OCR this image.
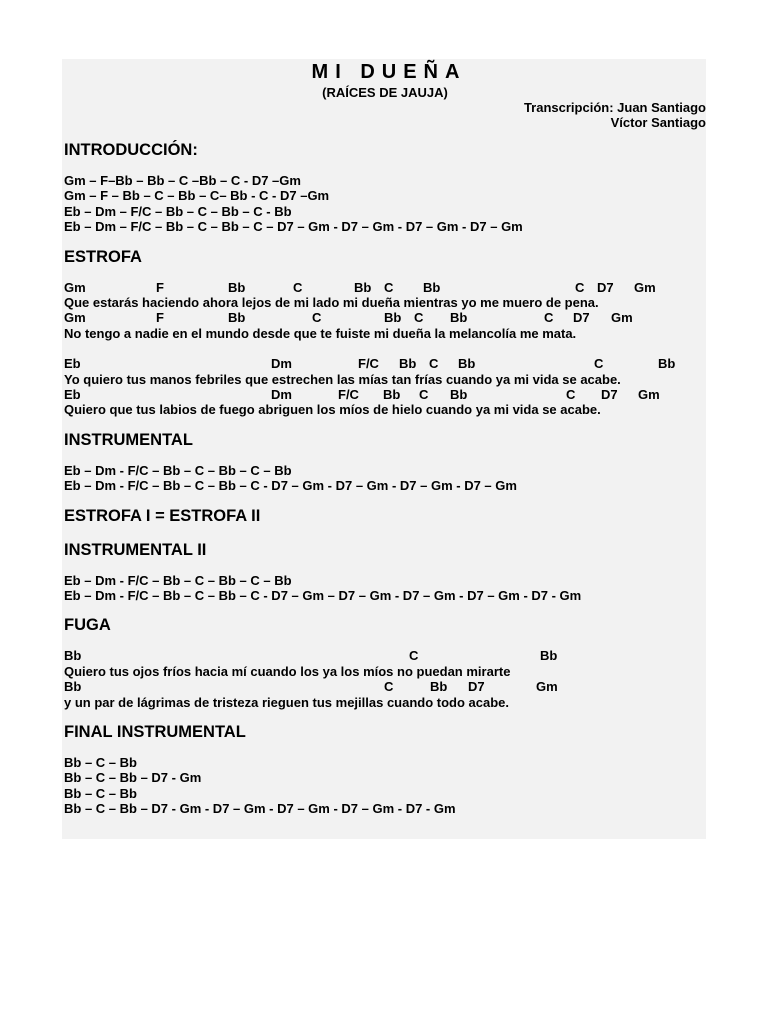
MI DUEÑA

(RAÍCES DE JAUJA)

Transcripción: Juan Santiago

Víctor Santiago

INTRODUCCIÓN:

Gm – F–Bb – Bb – C –Bb – C - D7 –Gm

Gm – F – Bb – C – Bb – C– Bb - C - D7 –Gm

Eb – Dm – F/C – Bb – C – Bb – C - Bb

Eb – Dm – F/C – Bb – C – Bb – C – D7 – Gm - D7 – Gm - D7 – Gm - D7 – Gm

ESTROFA
Gm	F	Bb	C	Bb C Bb	C D7 Gm

Que estarás haciendo ahora lejos de mi lado mi dueña mientras yo me muero de pena.

Gm	F	Bb	C	Bb C Bb	C D7 Gm

No tengo a nadie en el mundo desde que te fuiste mi dueña la melancolía me mata.

Eb	Dm	F/C Bb C Bb	C	Bb

Yo quiero tus manos febriles que estrechen las mías tan frías cuando ya mi vida se acabe.

Eb	Dm	F/C Bb C Bb	C D7 Gm

Quiero que tus labios de fuego abriguen los míos de hielo cuando ya mi vida se acabe.

INSTRUMENTAL

Eb – Dm - F/C – Bb – C – Bb – C – Bb

Eb – Dm - F/C – Bb – C – Bb – C - D7 – Gm - D7 – Gm - D7 – Gm - D7 – Gm

ESTROFA I = ESTROFA II
INSTRUMENTAL II

Eb – Dm - F/C – Bb – C – Bb – C – Bb

Eb – Dm - F/C – Bb – C – Bb – C - D7 – Gm – D7 – Gm - D7 – Gm - D7 – Gm - D7 - Gm

FUGA
Bb	C	Bb

Quiero tus ojos fríos hacia mí cuando los ya los míos no puedan mirarte

Bb	C	Bb D7	Gm

y un par de lágrimas de tristeza rieguen tus mejillas cuando todo acabe.

FINAL INSTRUMENTAL

Bb – C – Bb

Bb – C – Bb – D7 - Gm

Bb – C – Bb

Bb – C – Bb – D7 - Gm - D7 – Gm - D7 – Gm - D7 – Gm - D7 - Gm
